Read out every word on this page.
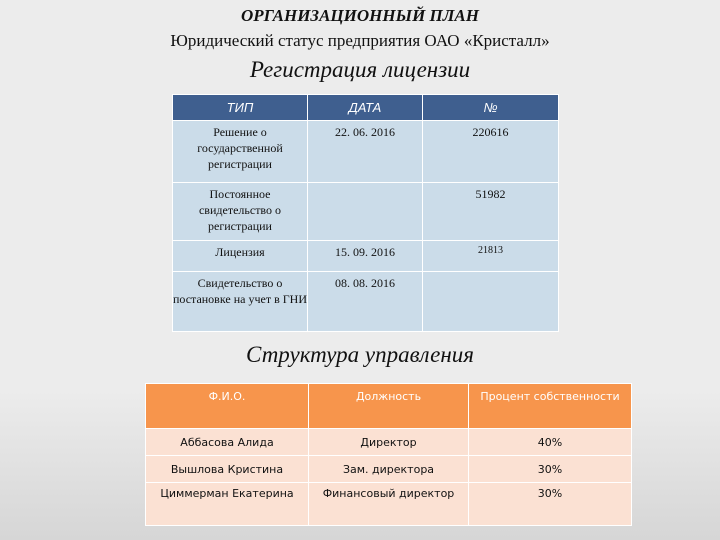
ОРГАНИЗАЦИОННЫЙ ПЛАН
Юридический статус предприятия ОАО «Кристалл»
Регистрация лицензии
ТИП	ДАТА	№
Решение о государственной регистрации	22. 06. 2016	220616
Постоянное свидетельство о регистрации		51982
Лицензия	15. 09. 2016	21813
Свидетельство о постановке на учет в ГНИ	08. 08. 2016	
Структура управления
Ф.И.О.	Должность	Процент собственности
Аббасова Алида	Директор	40%
Вышлова Кристина	Зам. директора	30%
Циммерман Екатерина	Финансовый директор	30%
